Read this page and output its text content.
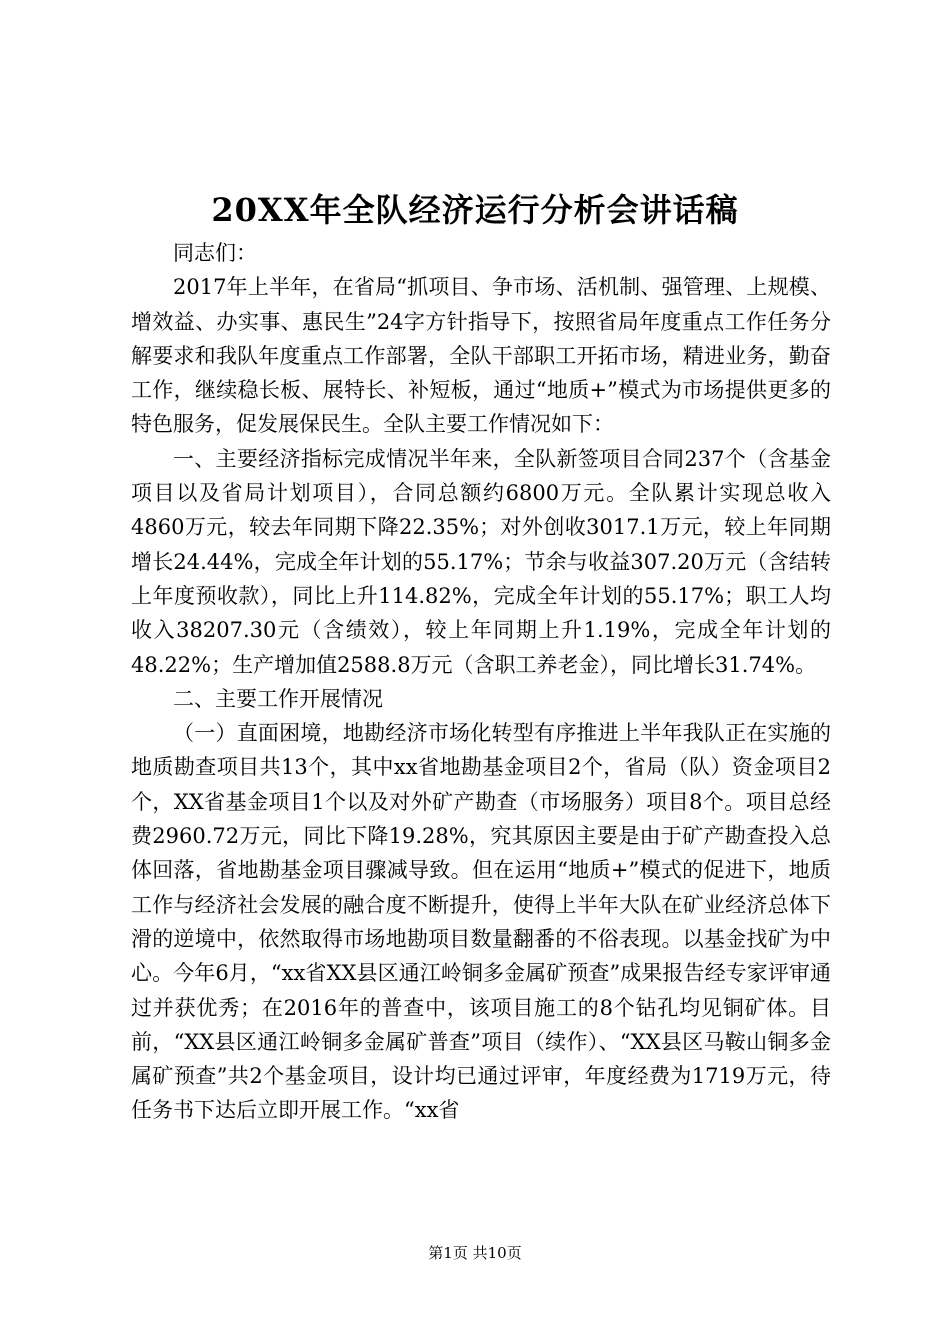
20XX年全队经济运行分析会讲话稿

同志们：

2017年上半年，在省局“抓项目、争市场、活机制、强管理、上规模、增效益、办实事、惠民生”24字方针指导下，按照省局年度重点工作任务分解要求和我队年度重点工作部署，全队干部职工开拓市场，精进业务，勤奋工作，继续稳长板、展特长、补短板，通过“地质+”模式为市场提供更多的特色服务，促发展保民生。全队主要工作情况如下：

一、主要经济指标完成情况半年来，全队新签项目合同237个（含基金项目以及省局计划项目），合同总额约6800万元。全队累计实现总收入4860万元，较去年同期下降22.35%；对外创收3017.1万元，较上年同期增长24.44%，完成全年计划的55.17%；节余与收益307.20万元（含结转上年度预收款），同比上升114.82%，完成全年计划的55.17%；职工人均收入38207.30元（含绩效），较上年同期上升1.19%，完成全年计划的48.22%；生产增加值2588.8万元（含职工养老金），同比增长31.74%。

二、主要工作开展情况

（一）直面困境，地勘经济市场化转型有序推进上半年我队正在实施的地质勘查项目共13个，其中xx省地勘基金项目2个，省局（队）资金项目2个，XX省基金项目1个以及对外矿产勘查（市场服务）项目8个。项目总经费2960.72万元，同比下降19.28%，究其原因主要是由于矿产勘查投入总体回落，省地勘基金项目骤减导致。但在运用“地质+”模式的促进下，地质工作与经济社会发展的融合度不断提升，使得上半年大队在矿业经济总体下滑的逆境中，依然取得市场地勘项目数量翻番的不俗表现。以基金找矿为中心。今年6月，“xx省XX县区通江岭铜多金属矿预查”成果报告经专家评审通过并获优秀；在2016年的普查中，该项目施工的8个钻孔均见铜矿体。目前，“XX县区通江岭铜多金属矿普查”项目（续作）、“XX县区马鞍山铜多金属矿预查”共2个基金项目，设计均已通过评审，年度经费为1719万元，待任务书下达后立即开展工作。“xx省

第1页 共10页
